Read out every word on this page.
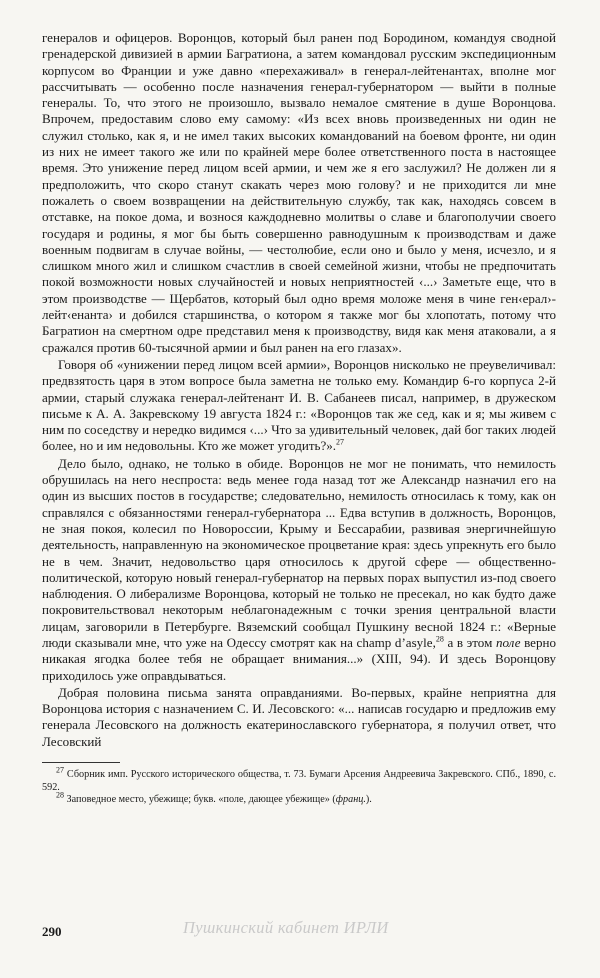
генералов и офицеров. Воронцов, который был ранен под Бородином, командуя сводной гренадерской дивизией в армии Багратиона, а затем командовал русским экспедиционным корпусом во Франции и уже давно «перехаживал» в генерал-лейтенантах, вполне мог рассчитывать — особенно после назначения генерал-губернатором — выйти в полные генералы. То, что этого не произошло, вызвало немалое смятение в душе Воронцова. Впрочем, предоставим слово ему самому: «Из всех вновь произведенных ни один не служил столько, как я, и не имел таких высоких командований на боевом фронте, ни один из них не имеет такого же или по крайней мере более ответственного поста в настоящее время. Это унижение перед лицом всей армии, и чем же я его заслужил? Не должен ли я предположить, что скоро станут скакать через мою голову? и не приходится ли мне пожалеть о своем возвращении на действительную службу, так как, находясь совсем в отставке, на покое дома, и вознося каждодневно молитвы о славе и благополучии своего государя и родины, я мог бы быть совершенно равнодушным к производствам и даже военным подвигам в случае войны, — честолюбие, если оно и было у меня, исчезло, и я слишком много жил и слишком счастлив в своей семейной жизни, чтобы не предпочитать покой возможности новых случайностей и новых неприятностей ‹...› Заметьте еще, что в этом производстве — Щербатов, который был одно время моложе меня в чине ген‹ерал›-лейт‹енанта› и добился старшинства, о котором я также мог бы хлопотать, потому что Багратион на смертном одре представил меня к производству, видя как меня атаковали, а я сражался против 60-тысячной армии и был ранен на его глазах».

Говоря об «унижении перед лицом всей армии», Воронцов нисколько не преувеличивал: предвзятость царя в этом вопросе была заметна не только ему. Командир 6-го корпуса 2-й армии, старый служака генерал-лейтенант И. В. Сабанеев писал, например, в дружеском письме к А. А. Закревскому 19 августа 1824 г.: «Воронцов так же сед, как и я; мы живем с ним по соседству и нередко видимся ‹...› Что за удивительный человек, дай бог таких людей более, но и им недовольны. Кто же может угодить?».$^{27}$

Дело было, однако, не только в обиде. Воронцов не мог не понимать, что немилость обрушилась на него неспроста: ведь менее года назад тот же Александр назначил его на один из высших постов в государстве; следовательно, немилость относилась к тому, как он справлялся с обязанностями генерал-губернатора ... Едва вступив в должность, Воронцов, не зная покоя, колесил по Новороссии, Крыму и Бессарабии, развивая энергичнейшую деятельность, направленную на экономическое процветание края: здесь упрекнуть его было не в чем. Значит, недовольство царя относилось к другой сфере — общественно-политической, которую новый генерал-губернатор на первых порах выпустил из-под своего наблюдения. О либерализме Воронцова, который не только не пресекал, но как будто даже покровительствовал некоторым неблагонадежным с точки зрения центральной власти лицам, заговорили в Петербурге. Вяземский сообщал Пушкину весной 1824 г.: «Верные люди сказывали мне, что уже на Одессу смотрят как на champ d’asyle,$^{28}$ а в этом поле верно никакая ягодка более тебя не обращает внимания...» (XIII, 94). И здесь Воронцову приходилось уже оправдываться.

Добрая половина письма занята оправданиями. Во-первых, крайне неприятна для Воронцова история с назначением С. И. Лесовского: «... написав государю и предложив ему генерала Лесовского на должность екатеринославского губернатора, я получил ответ, что Лесовский

$^{27}$ Сборник имп. Русского исторического общества, т. 73. Бумаги Арсения Андреевича Закревского. СПб., 1890, с. 592.

$^{28}$ Заповедное место, убежище; букв. «поле, дающее убежище» (франц.).

290	Пушкинский кабинет ИРЛИ
